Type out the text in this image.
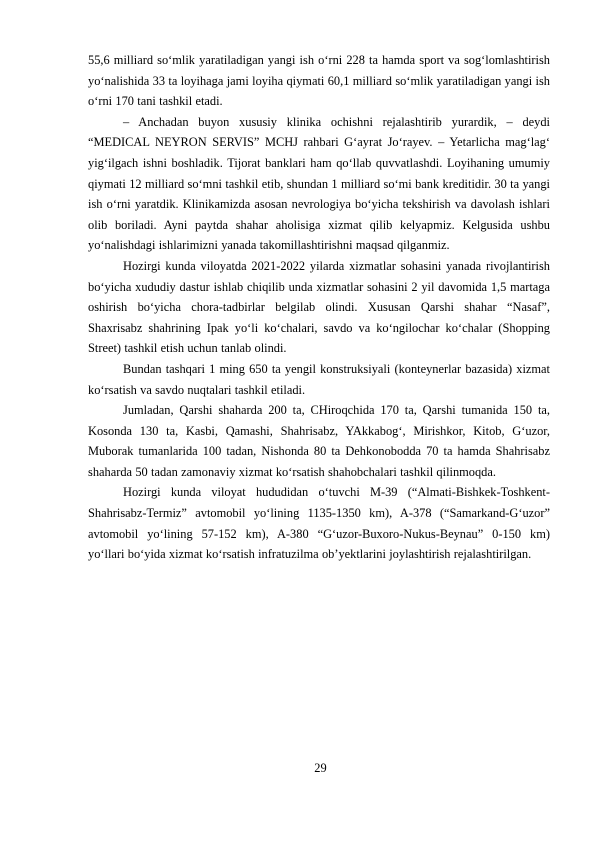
55,6 milliard so‘mlik yaratiladigan yangi ish o‘rni 228 ta hamda sport va sog‘lomlashtirish yo‘nalishida 33 ta loyihaga jami loyiha qiymati 60,1 milliard so‘mlik yaratiladigan yangi ish o‘rni 170 tani tashkil etadi.

– Anchadan buyon xususiy klinika ochishni rejalashtirib yurardik, – deydi “MEDICAL NEYRON SERVIS” MCHJ rahbari G‘ayrat Jo‘rayev. – Yetarlicha mag‘lag‘ yig‘ilgach ishni boshladik. Tijorat banklari ham qo‘llab quvvatlashdi. Loyihaning umumiy qiymati 12 milliard so‘mni tashkil etib, shundan 1 milliard so‘mi bank kreditidir. 30 ta yangi ish o‘rni yaratdik. Klinikamizda asosan nevrologiya bo‘yicha tekshirish va davolash ishlari olib boriladi. Ayni paytda shahar aholisiga xizmat qilib kelyapmiz. Kelgusida ushbu yo‘nalishdagi ishlarimizni yanada takomillashtirishni maqsad qilganmiz.

Hozirgi kunda viloyatda 2021-2022 yilarda xizmatlar sohasini yanada rivojlantirish bo‘yicha xududiy dastur ishlab chiqilib unda xizmatlar sohasini 2 yil davomida 1,5 martaga oshirish bo‘yicha chora-tadbirlar belgilab olindi. Xususan Qarshi shahar “Nasaf”, Shaxrisabz shahrining Ipak yo‘li ko‘chalari, savdo va ko‘ngilochar ko‘chalar (Shopping Street) tashkil etish uchun tanlab olindi.

Bundan tashqari 1 ming 650 ta yengil konstruksiyali (konteynerlar bazasida) xizmat ko‘rsatish va savdo nuqtalari tashkil etiladi.

Jumladan, Qarshi shaharda 200 ta, CHiroqchida 170 ta, Qarshi tumanida 150 ta, Kosonda 130 ta, Kasbi, Qamashi, Shahrisabz, YAkkabog‘, Mirishkor, Kitob, G‘uzor, Muborak tumanlarida 100 tadan, Nishonda 80 ta Dehkonobodda 70 ta hamda Shahrisabz shaharda 50 tadan zamonaviy xizmat ko‘rsatish shahobchalari tashkil qilinmoqda.

Hozirgi kunda viloyat hududidan o‘tuvchi M-39 (“Almati-Bishkek-Toshkent-Shahrisabz-Termiz” avtomobil yo‘lining 1135-1350 km), A-378 (“Samarkand-G‘uzor” avtomobil yo‘lining 57-152 km), A-380 “G‘uzor-Buxoro-Nukus-Beynau” 0-150 km) yo‘llari bo‘yida xizmat ko‘rsatish infratuzilma ob’yektlarini joylashtirish rejalashtirilgan.

29
